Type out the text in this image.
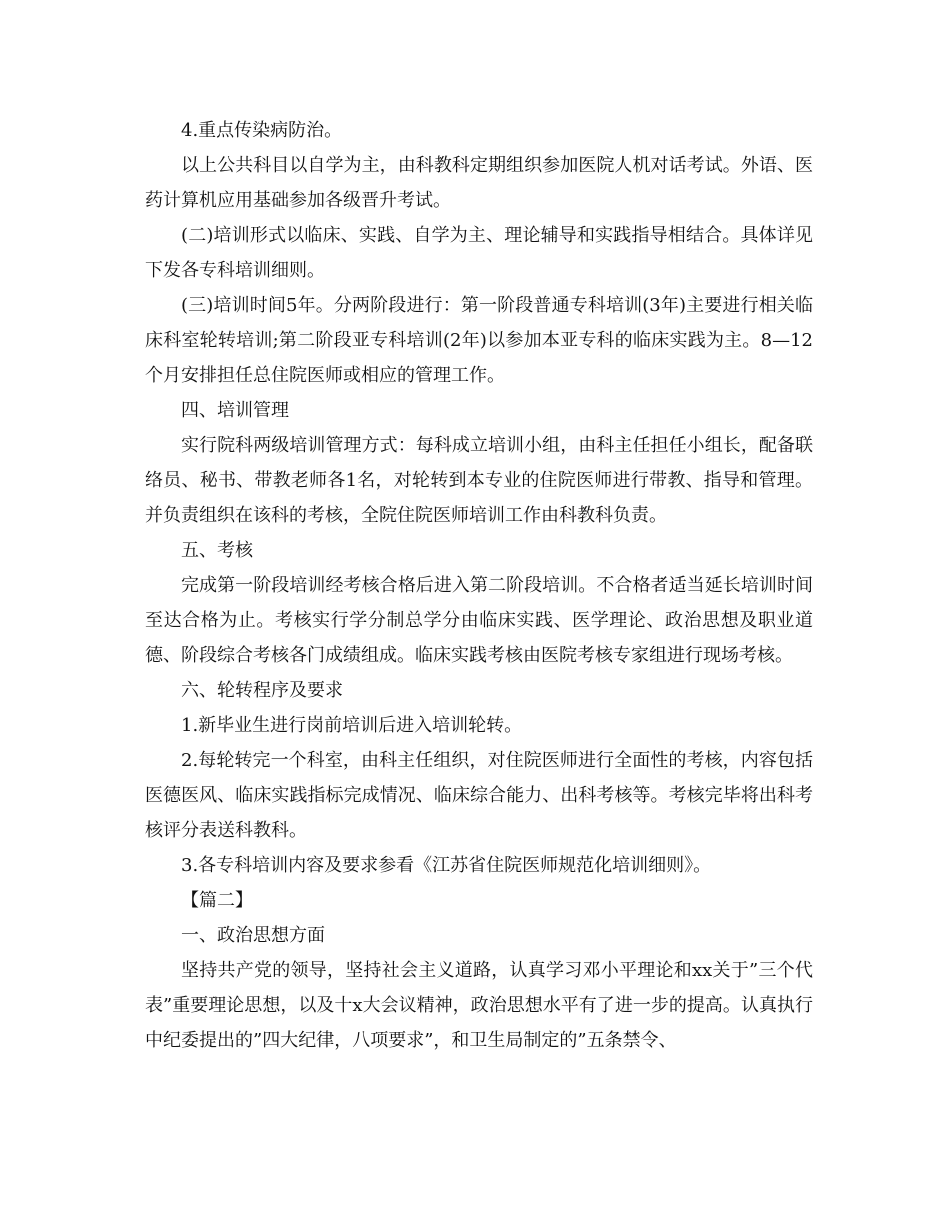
4.重点传染病防治。

以上公共科目以自学为主，由科教科定期组织参加医院人机对话考试。外语、医药计算机应用基础参加各级晋升考试。

(二)培训形式以临床、实践、自学为主、理论辅导和实践指导相结合。具体详见下发各专科培训细则。

(三)培训时间5年。分两阶段进行：第一阶段普通专科培训(3年)主要进行相关临床科室轮转培训;第二阶段亚专科培训(2年)以参加本亚专科的临床实践为主。8—12个月安排担任总住院医师或相应的管理工作。

四、培训管理

实行院科两级培训管理方式：每科成立培训小组，由科主任担任小组长，配备联络员、秘书、带教老师各1名，对轮转到本专业的住院医师进行带教、指导和管理。并负责组织在该科的考核，全院住院医师培训工作由科教科负责。

五、考核

完成第一阶段培训经考核合格后进入第二阶段培训。不合格者适当延长培训时间至达合格为止。考核实行学分制总学分由临床实践、医学理论、政治思想及职业道德、阶段综合考核各门成绩组成。临床实践考核由医院考核专家组进行现场考核。

六、轮转程序及要求

1.新毕业生进行岗前培训后进入培训轮转。

2.每轮转完一个科室，由科主任组织，对住院医师进行全面性的考核，内容包括医德医风、临床实践指标完成情况、临床综合能力、出科考核等。考核完毕将出科考核评分表送科教科。

3.各专科培训内容及要求参看《江苏省住院医师规范化培训细则》。

【篇二】

一、政治思想方面

坚持共产党的领导，坚持社会主义道路，认真学习邓小平理论和xx关于”三个代表”重要理论思想，以及十x大会议精神，政治思想水平有了进一步的提高。认真执行中纪委提出的”四大纪律，八项要求”，和卫生局制定的”五条禁令、
